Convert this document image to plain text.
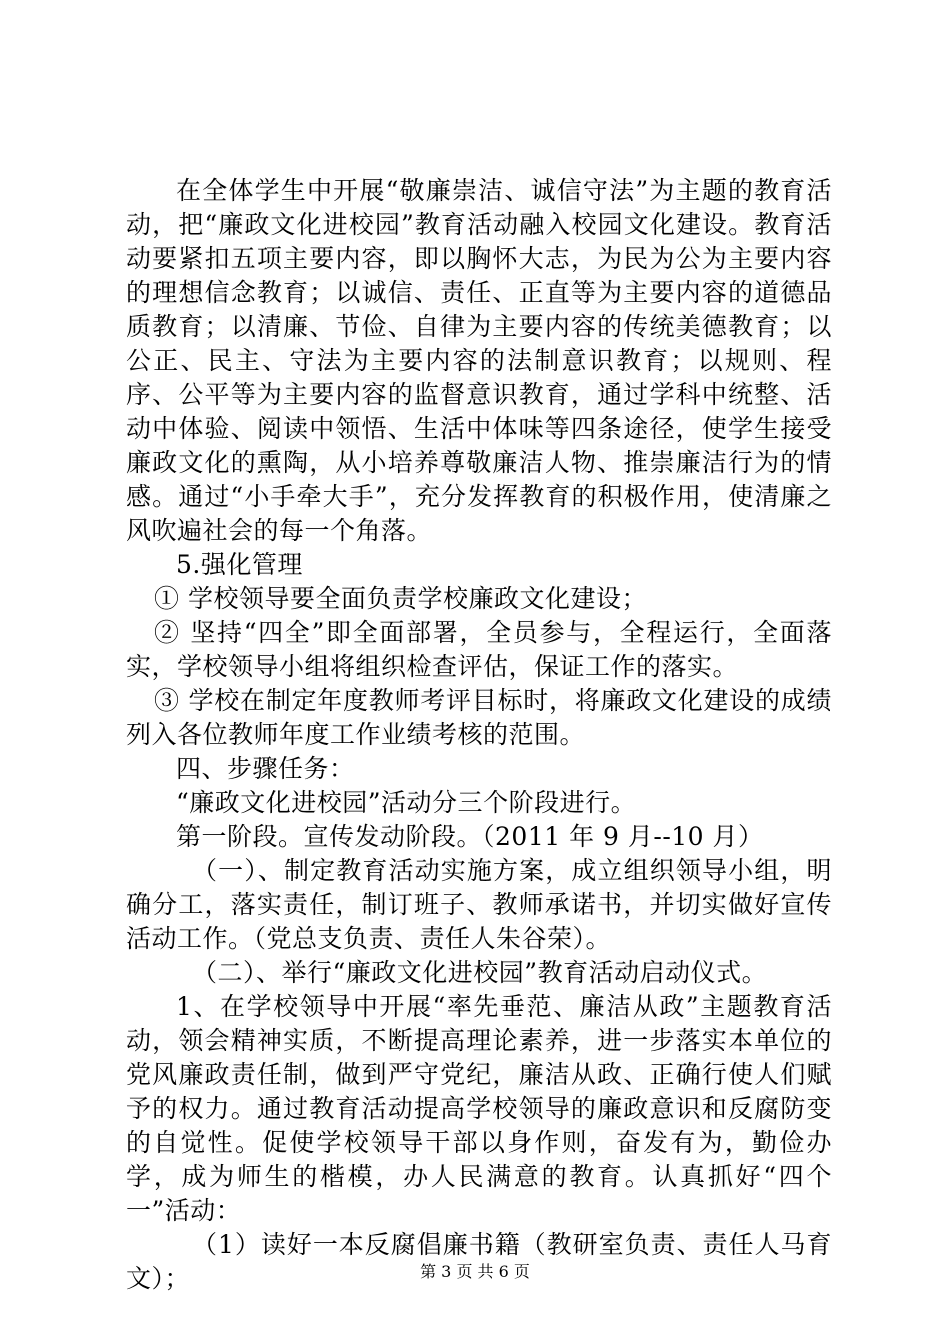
在全体学生中开展“敬廉崇洁、诚信守法”为主题的教育活动，把“廉政文化进校园”教育活动融入校园文化建设。教育活动要紧扣五项主要内容，即以胸怀大志，为民为公为主要内容的理想信念教育；以诚信、责任、正直等为主要内容的道德品质教育；以清廉、节俭、自律为主要内容的传统美德教育；以公正、民主、守法为主要内容的法制意识教育；以规则、程序、公平等为主要内容的监督意识教育，通过学科中统整、活动中体验、阅读中领悟、生活中体味等四条途径，使学生接受廉政文化的熏陶，从小培养尊敬廉洁人物、推崇廉洁行为的情感。通过“小手牵大手”，充分发挥教育的积极作用，使清廉之风吹遍社会的每一个角落。

5.强化管理

① 学校领导要全面负责学校廉政文化建设；

② 坚持“四全”即全面部署，全员参与，全程运行，全面落实，学校领导小组将组织检查评估，保证工作的落实。

③ 学校在制定年度教师考评目标时，将廉政文化建设的成绩列入各位教师年度工作业绩考核的范围。

四、步骤任务：

“廉政文化进校园”活动分三个阶段进行。

第一阶段。宣传发动阶段。（2011 年 9 月--10 月）

（一）、制定教育活动实施方案，成立组织领导小组，明确分工，落实责任，制订班子、教师承诺书，并切实做好宣传活动工作。（党总支负责、责任人朱谷荣）。

（二）、举行“廉政文化进校园”教育活动启动仪式。

1、在学校领导中开展“率先垂范、廉洁从政”主题教育活动，领会精神实质，不断提高理论素养，进一步落实本单位的党风廉政责任制，做到严守党纪，廉洁从政、正确行使人们赋予的权力。通过教育活动提高学校领导的廉政意识和反腐防变的自觉性。促使学校领导干部以身作则，奋发有为，勤俭办学，成为师生的楷模，办人民满意的教育。认真抓好“四个一”活动：

（1）读好一本反腐倡廉书籍（教研室负责、责任人马育文）；	第 3 页 共 6 页
